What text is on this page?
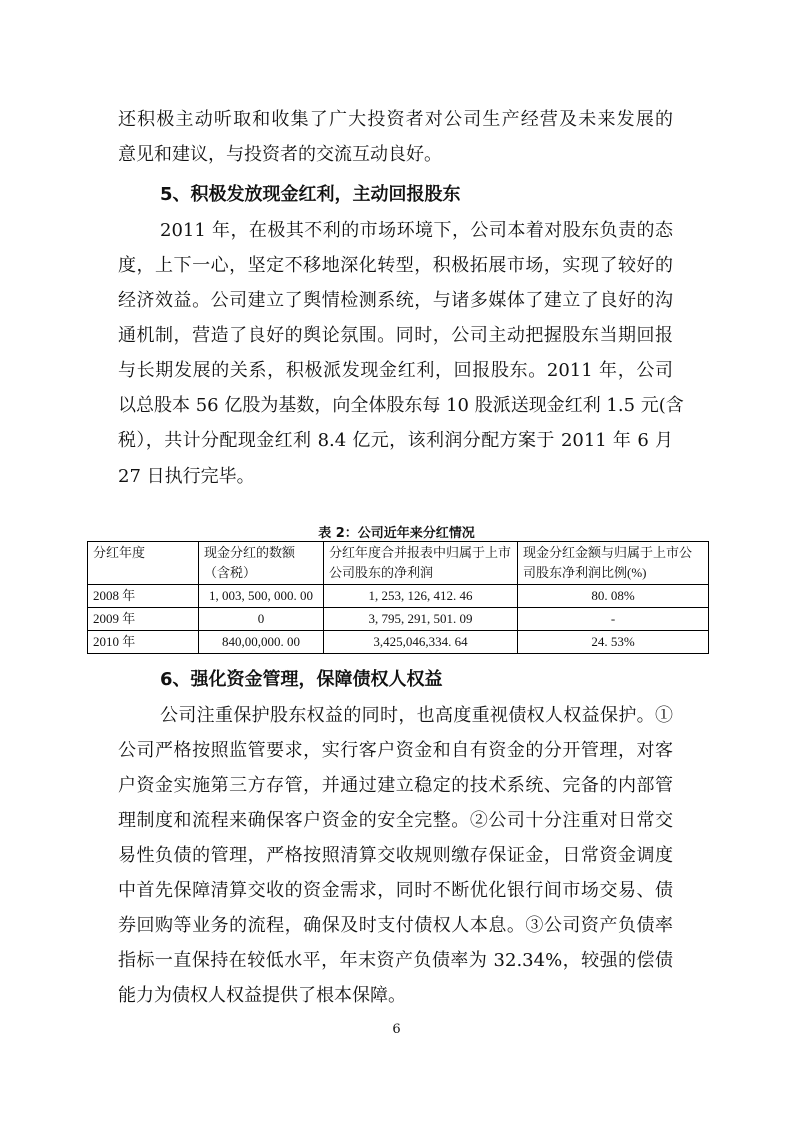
还积极主动听取和收集了广大投资者对公司生产经营及未来发展的
意见和建议，与投资者的交流互动良好。
5、积极发放现金红利，主动回报股东
2011 年，在极其不利的市场环境下，公司本着对股东负责的态
度，上下一心，坚定不移地深化转型，积极拓展市场，实现了较好的
经济效益。公司建立了舆情检测系统，与诸多媒体了建立了良好的沟
通机制，营造了良好的舆论氛围。同时，公司主动把握股东当期回报
与长期发展的关系，积极派发现金红利，回报股东。2011 年，公司
以总股本 56 亿股为基数，向全体股东每 10 股派送现金红利 1.5 元(含
税），共计分配现金红利 8.4 亿元，该利润分配方案于 2011 年 6 月
27 日执行完毕。
表 2：公司近年来分红情况
分红年度	现金分红的数额（含税）	分红年度合并报表中归属于上市公司股东的净利润	现金分红金额与归属于上市公司股东净利润比例(%)
2008 年	1, 003, 500, 000. 00	1, 253, 126, 412. 46	80. 08%
2009 年	0	3, 795, 291, 501. 09	-
2010 年	840,00,000. 00	3,425,046,334. 64	24. 53%
6、强化资金管理，保障债权人权益
公司注重保护股东权益的同时，也高度重视债权人权益保护。①
公司严格按照监管要求，实行客户资金和自有资金的分开管理，对客
户资金实施第三方存管，并通过建立稳定的技术系统、完备的内部管
理制度和流程来确保客户资金的安全完整。②公司十分注重对日常交
易性负债的管理，严格按照清算交收规则缴存保证金，日常资金调度
中首先保障清算交收的资金需求，同时不断优化银行间市场交易、债
券回购等业务的流程，确保及时支付债权人本息。③公司资产负债率
指标一直保持在较低水平，年末资产负债率为 32.34%，较强的偿债
能力为债权人权益提供了根本保障。
6
